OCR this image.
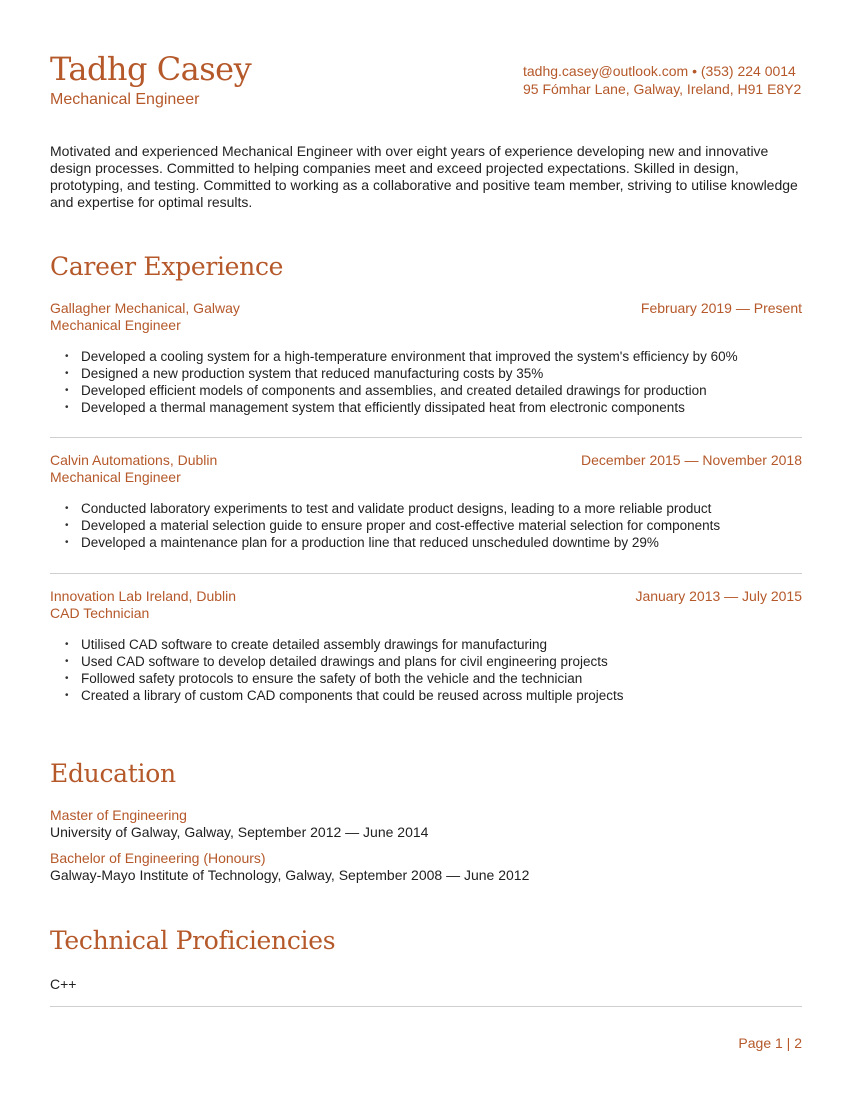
Tadhg Casey
Mechanical Engineer
tadhg.casey@outlook.com • (353) 224 0014
95 Fómhar Lane, Galway, Ireland, H91 E8Y2
Motivated and experienced Mechanical Engineer with over eight years of experience developing new and innovative design processes. Committed to helping companies meet and exceed projected expectations. Skilled in design, prototyping, and testing. Committed to working as a collaborative and positive team member, striving to utilise knowledge and expertise for optimal results.
Career Experience
Gallagher Mechanical, Galway
Mechanical Engineer
February 2019 — Present
• Developed a cooling system for a high-temperature environment that improved the system's efficiency by 60%
• Designed a new production system that reduced manufacturing costs by 35%
• Developed efficient models of components and assemblies, and created detailed drawings for production
• Developed a thermal management system that efficiently dissipated heat from electronic components
Calvin Automations, Dublin
Mechanical Engineer
December 2015 — November 2018
• Conducted laboratory experiments to test and validate product designs, leading to a more reliable product
• Developed a material selection guide to ensure proper and cost-effective material selection for components
• Developed a maintenance plan for a production line that reduced unscheduled downtime by 29%
Innovation Lab Ireland, Dublin
CAD Technician
January 2013 — July 2015
• Utilised CAD software to create detailed assembly drawings for manufacturing
• Used CAD software to develop detailed drawings and plans for civil engineering projects
• Followed safety protocols to ensure the safety of both the vehicle and the technician
• Created a library of custom CAD components that could be reused across multiple projects
Education
Master of Engineering
University of Galway, Galway, September 2012 — June 2014
Bachelor of Engineering (Honours)
Galway-Mayo Institute of Technology, Galway, September 2008 — June 2012
Technical Proficiencies
C++
Page 1 | 2
